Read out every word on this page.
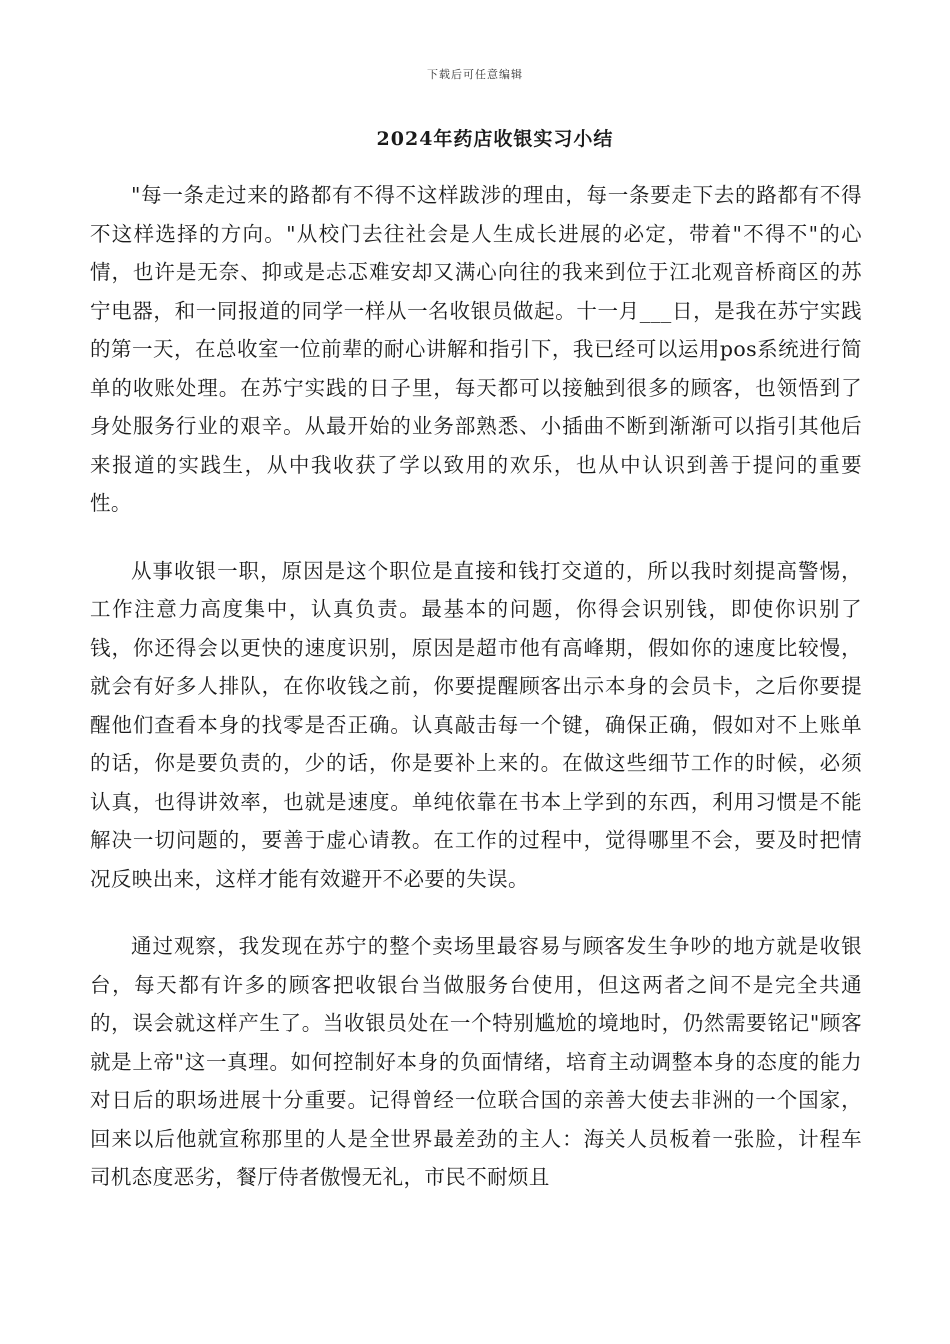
下载后可任意编辑
2024年药店收银实习小结

"每一条走过来的路都有不得不这样跋涉的理由，每一条要走下去的路都有不得不这样选择的方向。"从校门去往社会是人生成长进展的必定，带着"不得不"的心情，也许是无奈、抑或是忐忑难安却又满心向往的我来到位于江北观音桥商区的苏宁电器，和一同报道的同学一样从一名收银员做起。十一月___日，是我在苏宁实践的第一天，在总收室一位前辈的耐心讲解和指引下，我已经可以运用pos系统进行简单的收账处理。在苏宁实践的日子里，每天都可以接触到很多的顾客，也领悟到了身处服务行业的艰辛。从最开始的业务部熟悉、小插曲不断到渐渐可以指引其他后来报道的实践生，从中我收获了学以致用的欢乐，也从中认识到善于提问的重要性。

从事收银一职，原因是这个职位是直接和钱打交道的，所以我时刻提高警惕，工作注意力高度集中，认真负责。最基本的问题，你得会识别钱，即使你识别了钱，你还得会以更快的速度识别，原因是超市他有高峰期，假如你的速度比较慢，就会有好多人排队，在你收钱之前，你要提醒顾客出示本身的会员卡，之后你要提醒他们查看本身的找零是否正确。认真敲击每一个键，确保正确，假如对不上账单的话，你是要负责的，少的话，你是要补上来的。在做这些细节工作的时候，必须认真，也得讲效率，也就是速度。单纯依靠在书本上学到的东西，利用习惯是不能解决一切问题的，要善于虚心请教。在工作的过程中，觉得哪里不会，要及时把情况反映出来，这样才能有效避开不必要的失误。

通过观察，我发现在苏宁的整个卖场里最容易与顾客发生争吵的地方就是收银台，每天都有许多的顾客把收银台当做服务台使用，但这两者之间不是完全共通的，误会就这样产生了。当收银员处在一个特别尴尬的境地时，仍然需要铭记"顾客就是上帝"这一真理。如何控制好本身的负面情绪，培育主动调整本身的态度的能力对日后的职场进展十分重要。记得曾经一位联合国的亲善大使去非洲的一个国家，回来以后他就宣称那里的人是全世界最差劲的主人：海关人员板着一张脸，计程车司机态度恶劣，餐厅侍者傲慢无礼，市民不耐烦且
